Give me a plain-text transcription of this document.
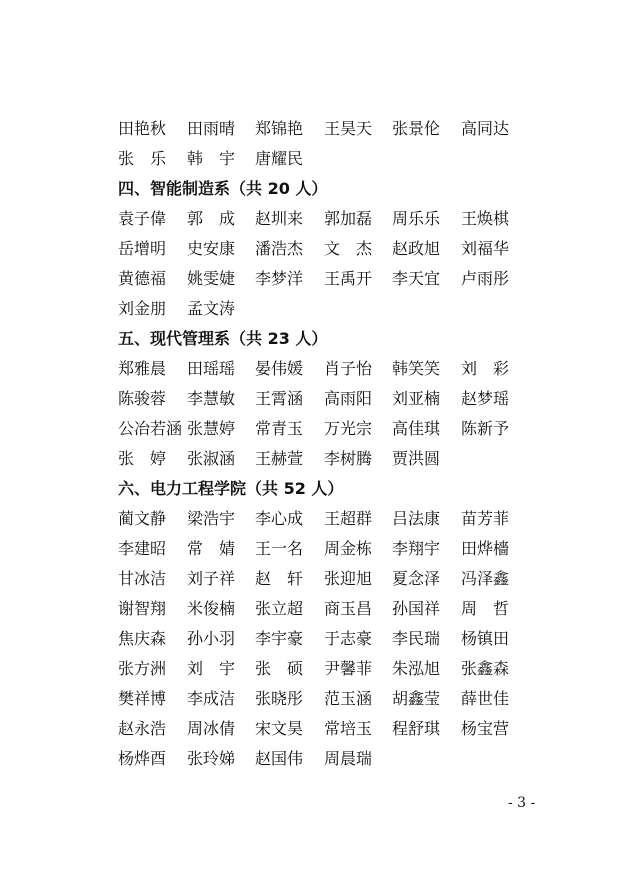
田艳秋 田雨晴 郑锦艳 王昊天 张景伦 高同达
张　乐 韩　宇 唐耀民
四、智能制造系（共 20 人）
袁子偉 郭　成 赵圳来 郭加磊 周乐乐 王焕棋
岳增明 史安康 潘浩杰 文　杰 赵政旭 刘福华
黄德福 姚雯婕 李梦洋 王禹开 李天宜 卢雨彤
刘金朋 孟文涛
五、现代管理系（共 23 人）
郑雅晨 田瑶瑶 晏伟媛 肖子怡 韩笑笑 刘　彩
陈骏蓉 李慧敏 王霄涵 高雨阳 刘亚楠 赵梦瑶
公冶若涵 张慧婷 常青玉 万光宗 高佳琪 陈新予
张　婷 张淑涵 王赫萱 李树腾 贾洪圆
六、电力工程学院（共 52 人）
蔺文静 梁浩宇 李心成 王超群 吕法康 苗芳菲
李建昭 常　婧 王一名 周金栋 李翔宇 田烨檣
甘冰洁 刘子祥 赵　轩 张迎旭 夏念泽 冯泽鑫
谢智翔 米俊楠 张立超 商玉昌 孙国祥 周　哲
焦庆森 孙小羽 李宇豪 于志豪 李民瑞 杨镇田
张方洲 刘　宇 张　硕 尹馨菲 朱泓旭 张鑫森
樊祥博 李成洁 张晓彤 范玉涵 胡鑫莹 薛世佳
赵永浩 周冰倩 宋文昊 常培玉 程舒琪 杨宝营
杨烨酉 张玲娣 赵国伟 周晨瑞
- 3 -
